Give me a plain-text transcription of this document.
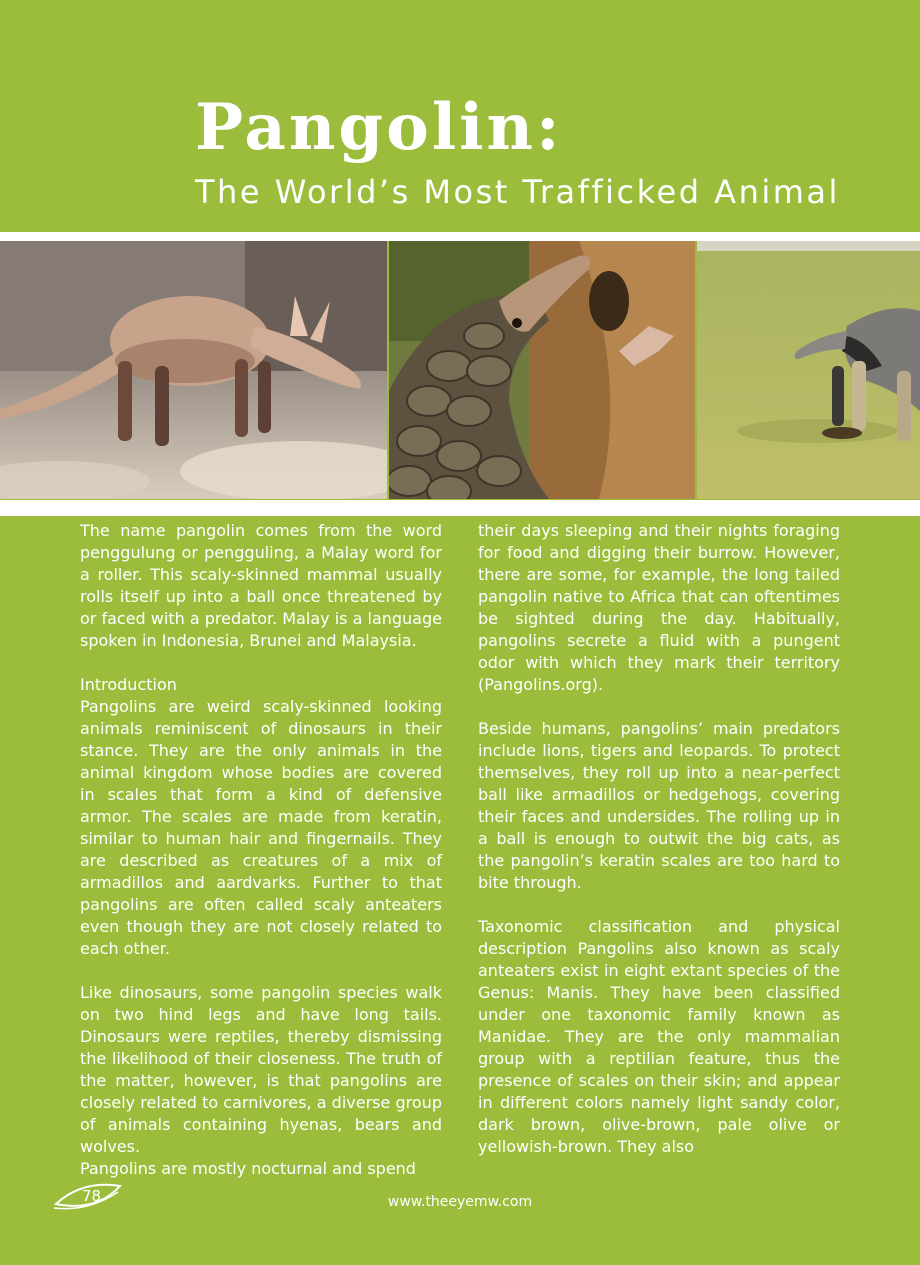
Pangolin:
The World’s Most Trafficked Animal

The name pangolin comes from the word penggulung or pengguling, a Malay word for a roller. This scaly-skinned mammal usually rolls itself up into a ball once threatened by or faced with a predator. Malay is a language spoken in Indonesia, Brunei and Malaysia.

Introduction

Pangolins are weird scaly-skinned looking animals reminiscent of dinosaurs in their stance. They are the only animals in the animal kingdom whose bodies are covered in scales that form a kind of defensive armor. The scales are made from keratin, similar to human hair and fingernails. They are described as creatures of a mix of armadillos and aardvarks. Further to that pangolins are often called scaly anteaters even though they are not closely related to each other.

Like dinosaurs, some pangolin species walk on two hind legs and have long tails. Dinosaurs were reptiles, thereby dismissing the likelihood of their closeness. The truth of the matter, however, is that pangolins are closely related to carnivores, a diverse group of animals containing hyenas, bears and wolves.

Pangolins are mostly nocturnal and spend

their days sleeping and their nights foraging for food and digging their burrow. However, there are some, for example, the long tailed pangolin native to Africa that can oftentimes be sighted during the day. Habitually, pangolins secrete a fluid with a pungent odor with which they mark their territory (Pangolins.org).

Beside humans, pangolins’ main predators include lions, tigers and leopards. To protect themselves, they roll up into a near-perfect ball like armadillos or hedgehogs, covering their faces and undersides. The rolling up in a ball is enough to outwit the big cats, as the pangolin’s keratin scales are too hard to bite through.

Taxonomic classification and physical description Pangolins also known as scaly anteaters exist in eight extant species of the Genus: Manis. They have been classified under one taxonomic family known as Manidae. They are the only mammalian group with a reptilian feature, thus the presence of scales on their skin; and appear in different colors namely light sandy color, dark brown, olive-brown, pale olive or yellowish-brown. They also

78	www.theeyemw.com
